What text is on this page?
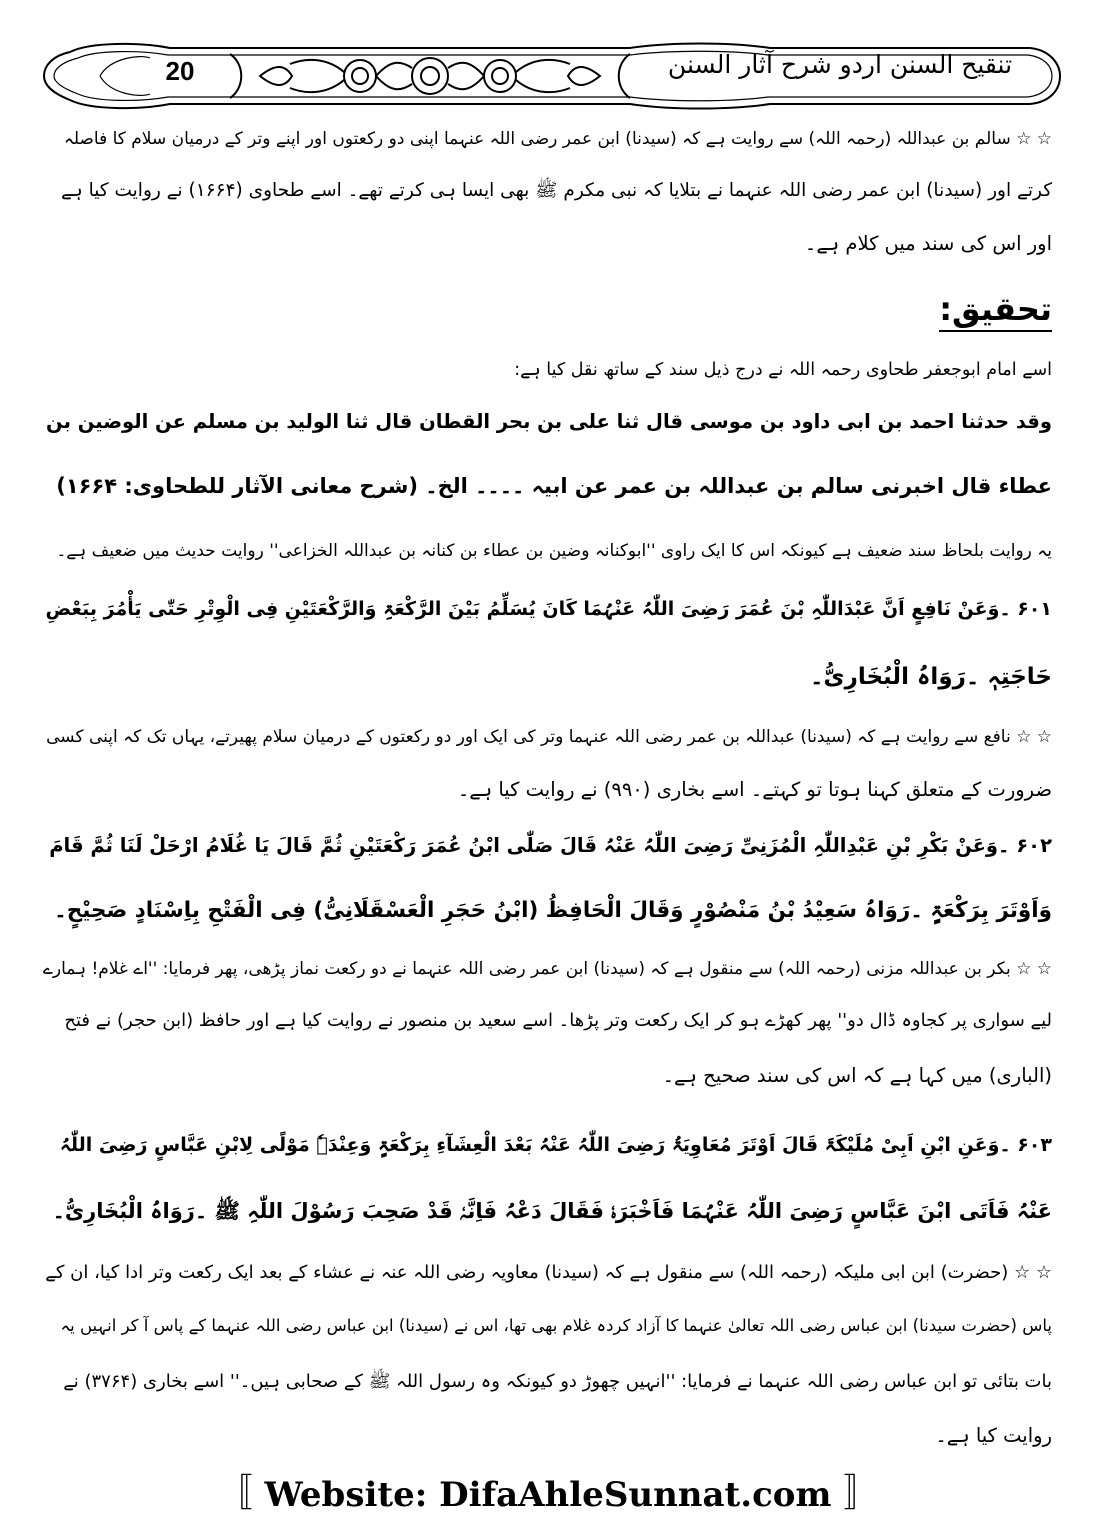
20	تنقیح السنن اردو شرح آثار السنن
☆ ☆ سالم بن عبداللہ (رحمہ اللہ) سے روایت ہے کہ (سیدنا) ابن عمر رضی اللہ عنہما اپنی دو رکعتوں اور اپنے وتر کے درمیان سلام کا فاصلہ
کرتے اور (سیدنا) ابن عمر رضی اللہ عنہما نے بتلایا کہ نبی مکرم ﷺ بھی ایسا ہی کرتے تھے۔ اسے طحاوی (۱۶۶۴) نے روایت کیا ہے
اور اس کی سند میں کلام ہے۔
تحقیق:
اسے امام ابوجعفر طحاوی رحمہ اللہ نے درج ذیل سند کے ساتھ نقل کیا ہے:
وقد حدثنا احمد بن ابی داود بن موسی قال ثنا علی بن بحر القطان قال ثنا الولید بن مسلم عن الوضین بن
عطاء قال اخبرنی سالم بن عبداللہ بن عمر عن ابیہ ۔۔۔۔ الخ۔ (شرح معانی الآثار للطحاوی: ۱۶۶۴)
یہ روایت بلحاظ سند ضعیف ہے کیونکہ اس کا ایک راوی ''ابوکنانہ وضین بن عطاء بن کنانہ بن عبداللہ الخزاعی'' روایت حدیث میں ضعیف ہے۔
۶۰۱ ۔وَعَنْ نَافِعٍ اَنَّ عَبْدَاللّٰہِ بْنَ عُمَرَ رَضِیَ اللّٰہُ عَنْہُمَا کَانَ یُسَلِّمُ بَیْنَ الرَّکْعَۃِ وَالرَّکْعَتَیْنِ فِی الْوِتْرِ حَتّٰی یَأْمُرَ بِبَعْضِ
حَاجَتِہٖ ۔رَوَاہُ الْبُخَارِیُّ۔
☆ ☆ نافع سے روایت ہے کہ (سیدنا) عبداللہ بن عمر رضی اللہ عنہما وتر کی ایک اور دو رکعتوں کے درمیان سلام پھیرتے، یہاں تک کہ اپنی کسی
ضرورت کے متعلق کہنا ہوتا تو کہتے۔ اسے بخاری (۹۹۰) نے روایت کیا ہے۔
۶۰۲ ۔وَعَنْ بَکْرِ بْنِ عَبْدِاللّٰہِ الْمُزَنِیِّ رَضِیَ اللّٰہُ عَنْہُ قَالَ صَلّٰی ابْنُ عُمَرَ رَکْعَتَیْنِ ثُمَّ قَالَ یَا غُلَامُ ارْحَلْ لَنَا ثُمَّ قَامَ
وَاَوْتَرَ بِرَکْعَۃٍ ۔رَوَاہُ سَعِیْدُ بْنُ مَنْصُوْرٍ وَقَالَ الْحَافِظُ (ابْنُ حَجَرِ الْعَسْقَلَانِیُّ) فِی الْفَتْحِ بِاِسْنَادٍ صَحِیْحٍ۔
☆ ☆ بکر بن عبداللہ مزنی (رحمہ اللہ) سے منقول ہے کہ (سیدنا) ابن عمر رضی اللہ عنہما نے دو رکعت نماز پڑھی، پھر فرمایا: ''اے غلام! ہمارے
لیے سواری پر کجاوہ ڈال دو'' پھر کھڑے ہو کر ایک رکعت وتر پڑھا۔ اسے سعید بن منصور نے روایت کیا ہے اور حافظ (ابن حجر) نے فتح
(الباری) میں کہا ہے کہ اس کی سند صحیح ہے۔
۶۰۳ ۔وَعَنِ ابْنِ اَبِیْ مُلَیْکَۃَ قَالَ اَوْتَرَ مُعَاوِیَۃُ رَضِیَ اللّٰہُ عَنْہُ بَعْدَ الْعِشَآءِ بِرَکْعَۃٍ وَعِنْدَہٗ مَوْلًی لِابْنِ عَبَّاسٍ رَضِیَ اللّٰہُ
عَنْہُ فَاَتَی ابْنَ عَبَّاسٍ رَضِیَ اللّٰہُ عَنْہُمَا فَاَخْبَرَہٗ فَقَالَ دَعْہُ فَاِنَّہٗ قَدْ صَحِبَ رَسُوْلَ اللّٰہِ ﷺ ۔رَوَاہُ الْبُخَارِیُّ۔
☆ ☆ (حضرت) ابن ابی ملیکہ (رحمہ اللہ) سے منقول ہے کہ (سیدنا) معاویہ رضی اللہ عنہ نے عشاء کے بعد ایک رکعت وتر ادا کیا، ان کے
پاس (حضرت سیدنا) ابن عباس رضی اللہ تعالیٰ عنہما کا آزاد کردہ غلام بھی تھا، اس نے (سیدنا) ابن عباس رضی اللہ عنہما کے پاس آ کر انہیں یہ
بات بتائی تو ابن عباس رضی اللہ عنہما نے فرمایا: ''انہیں چھوڑ دو کیونکہ وہ رسول اللہ ﷺ کے صحابی ہیں۔'' اسے بخاری (۳۷۶۴) نے
روایت کیا ہے۔
〚 Website: DifaAhleSunnat.com 〛
